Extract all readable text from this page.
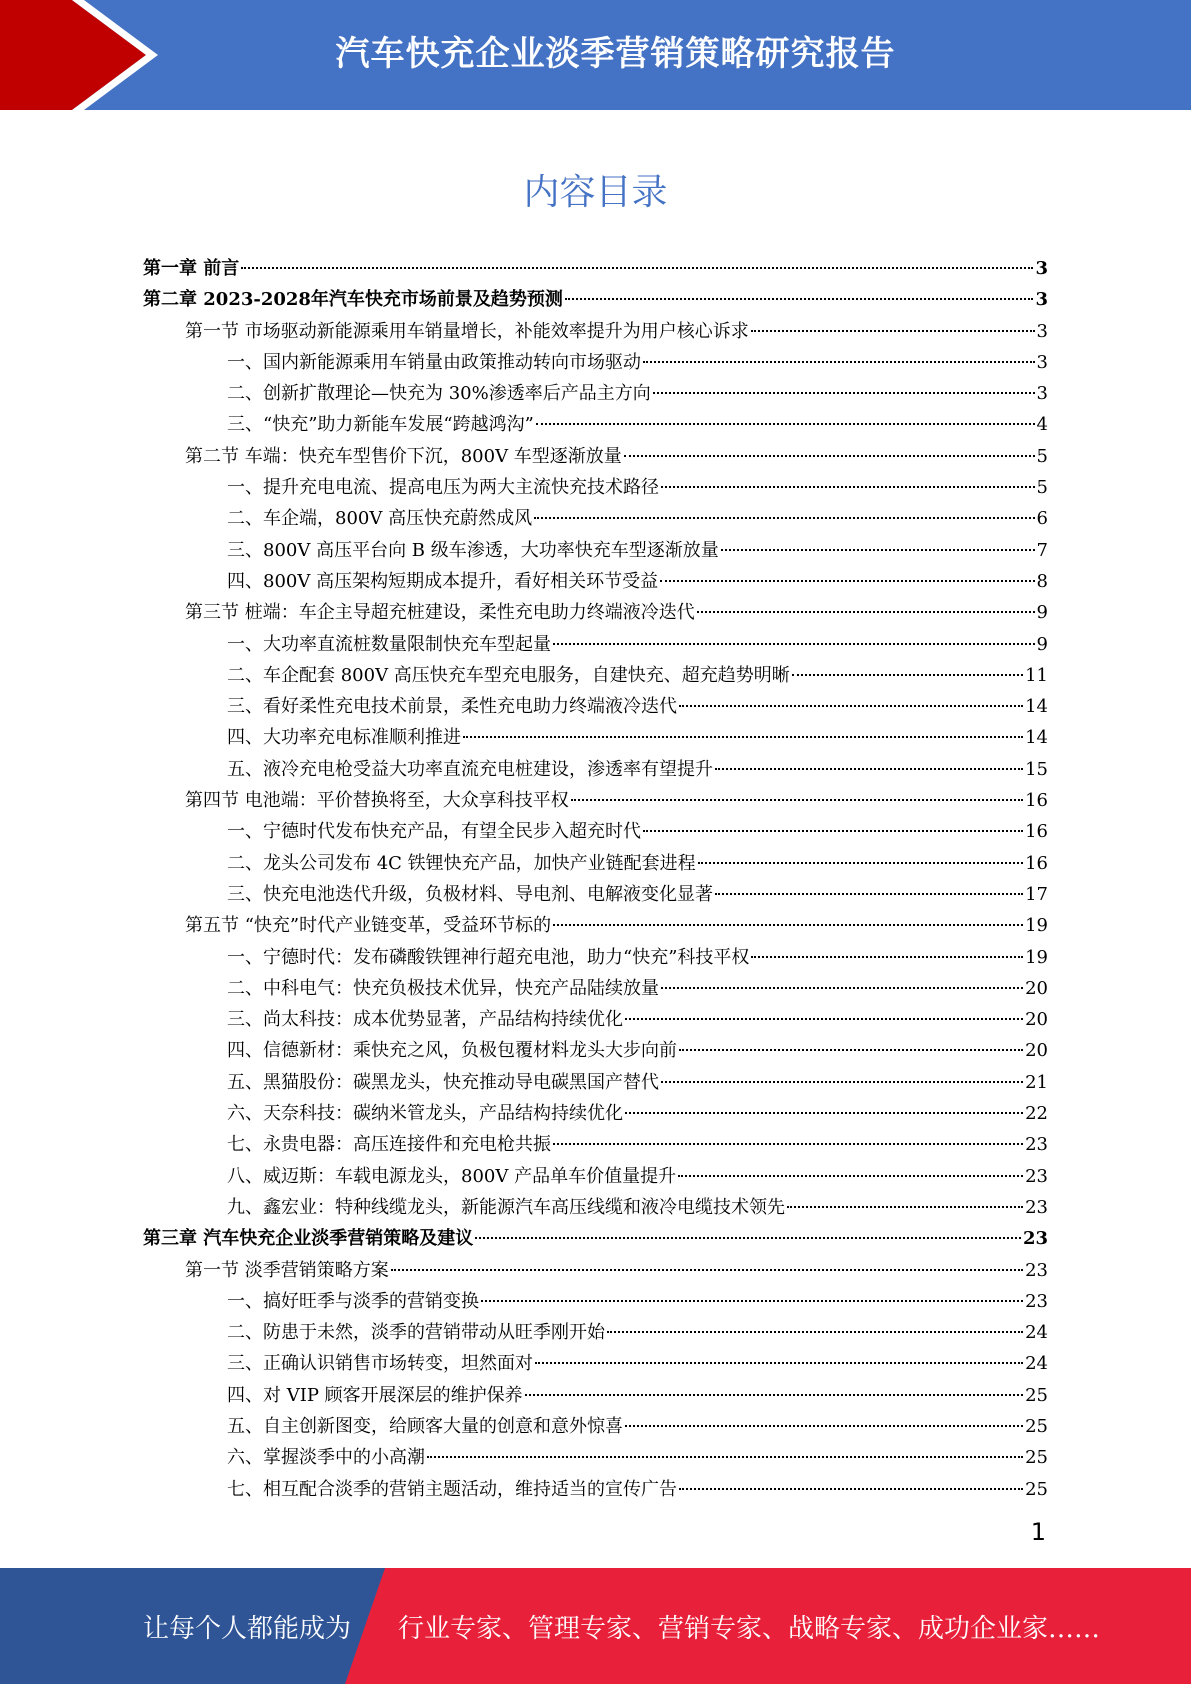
汽车快充企业淡季营销策略研究报告
内容目录
第一章 前言	3
第二章 2023-2028年汽车快充市场前景及趋势预测	3
第一节 市场驱动新能源乘用车销量增长，补能效率提升为用户核心诉求	3
一、国内新能源乘用车销量由政策推动转向市场驱动	3
二、创新扩散理论—快充为 30%渗透率后产品主方向	3
三、“快充”助力新能车发展“跨越鸿沟”	4
第二节 车端：快充车型售价下沉，800V 车型逐渐放量	5
一、提升充电电流、提高电压为两大主流快充技术路径	5
二、车企端，800V 高压快充蔚然成风	6
三、800V 高压平台向 B 级车渗透，大功率快充车型逐渐放量	7
四、800V 高压架构短期成本提升，看好相关环节受益	8
第三节 桩端：车企主导超充桩建设，柔性充电助力终端液冷迭代	9
一、大功率直流桩数量限制快充车型起量	9
二、车企配套 800V 高压快充车型充电服务，自建快充、超充趋势明晰	11
三、看好柔性充电技术前景，柔性充电助力终端液冷迭代	14
四、大功率充电标准顺利推进	14
五、液冷充电枪受益大功率直流充电桩建设，渗透率有望提升	15
第四节 电池端：平价替换将至，大众享科技平权	16
一、宁德时代发布快充产品，有望全民步入超充时代	16
二、龙头公司发布 4C 铁锂快充产品，加快产业链配套进程	16
三、快充电池迭代升级，负极材料、导电剂、电解液变化显著	17
第五节 “快充”时代产业链变革，受益环节标的	19
一、宁德时代：发布磷酸铁锂神行超充电池，助力“快充”科技平权	19
二、中科电气：快充负极技术优异，快充产品陆续放量	20
三、尚太科技：成本优势显著，产品结构持续优化	20
四、信德新材：乘快充之风，负极包覆材料龙头大步向前	20
五、黑猫股份：碳黑龙头，快充推动导电碳黑国产替代	21
六、天奈科技：碳纳米管龙头，产品结构持续优化	22
七、永贵电器：高压连接件和充电枪共振	23
八、威迈斯：车载电源龙头，800V 产品单车价值量提升	23
九、鑫宏业：特种线缆龙头，新能源汽车高压线缆和液冷电缆技术领先	23
第三章 汽车快充企业淡季营销策略及建议	23
第一节 淡季营销策略方案	23
一、搞好旺季与淡季的营销变换	23
二、防患于未然，淡季的营销带动从旺季刚开始	24
三、正确认识销售市场转变，坦然面对	24
四、对 VIP 顾客开展深层的维护保养	25
五、自主创新图变，给顾客大量的创意和意外惊喜	25
六、掌握淡季中的小高潮	25
七、相互配合淡季的营销主题活动，维持适当的宣传广告	25
1
让每个人都能成为 行业专家、管理专家、营销专家、战略专家、成功企业家……
